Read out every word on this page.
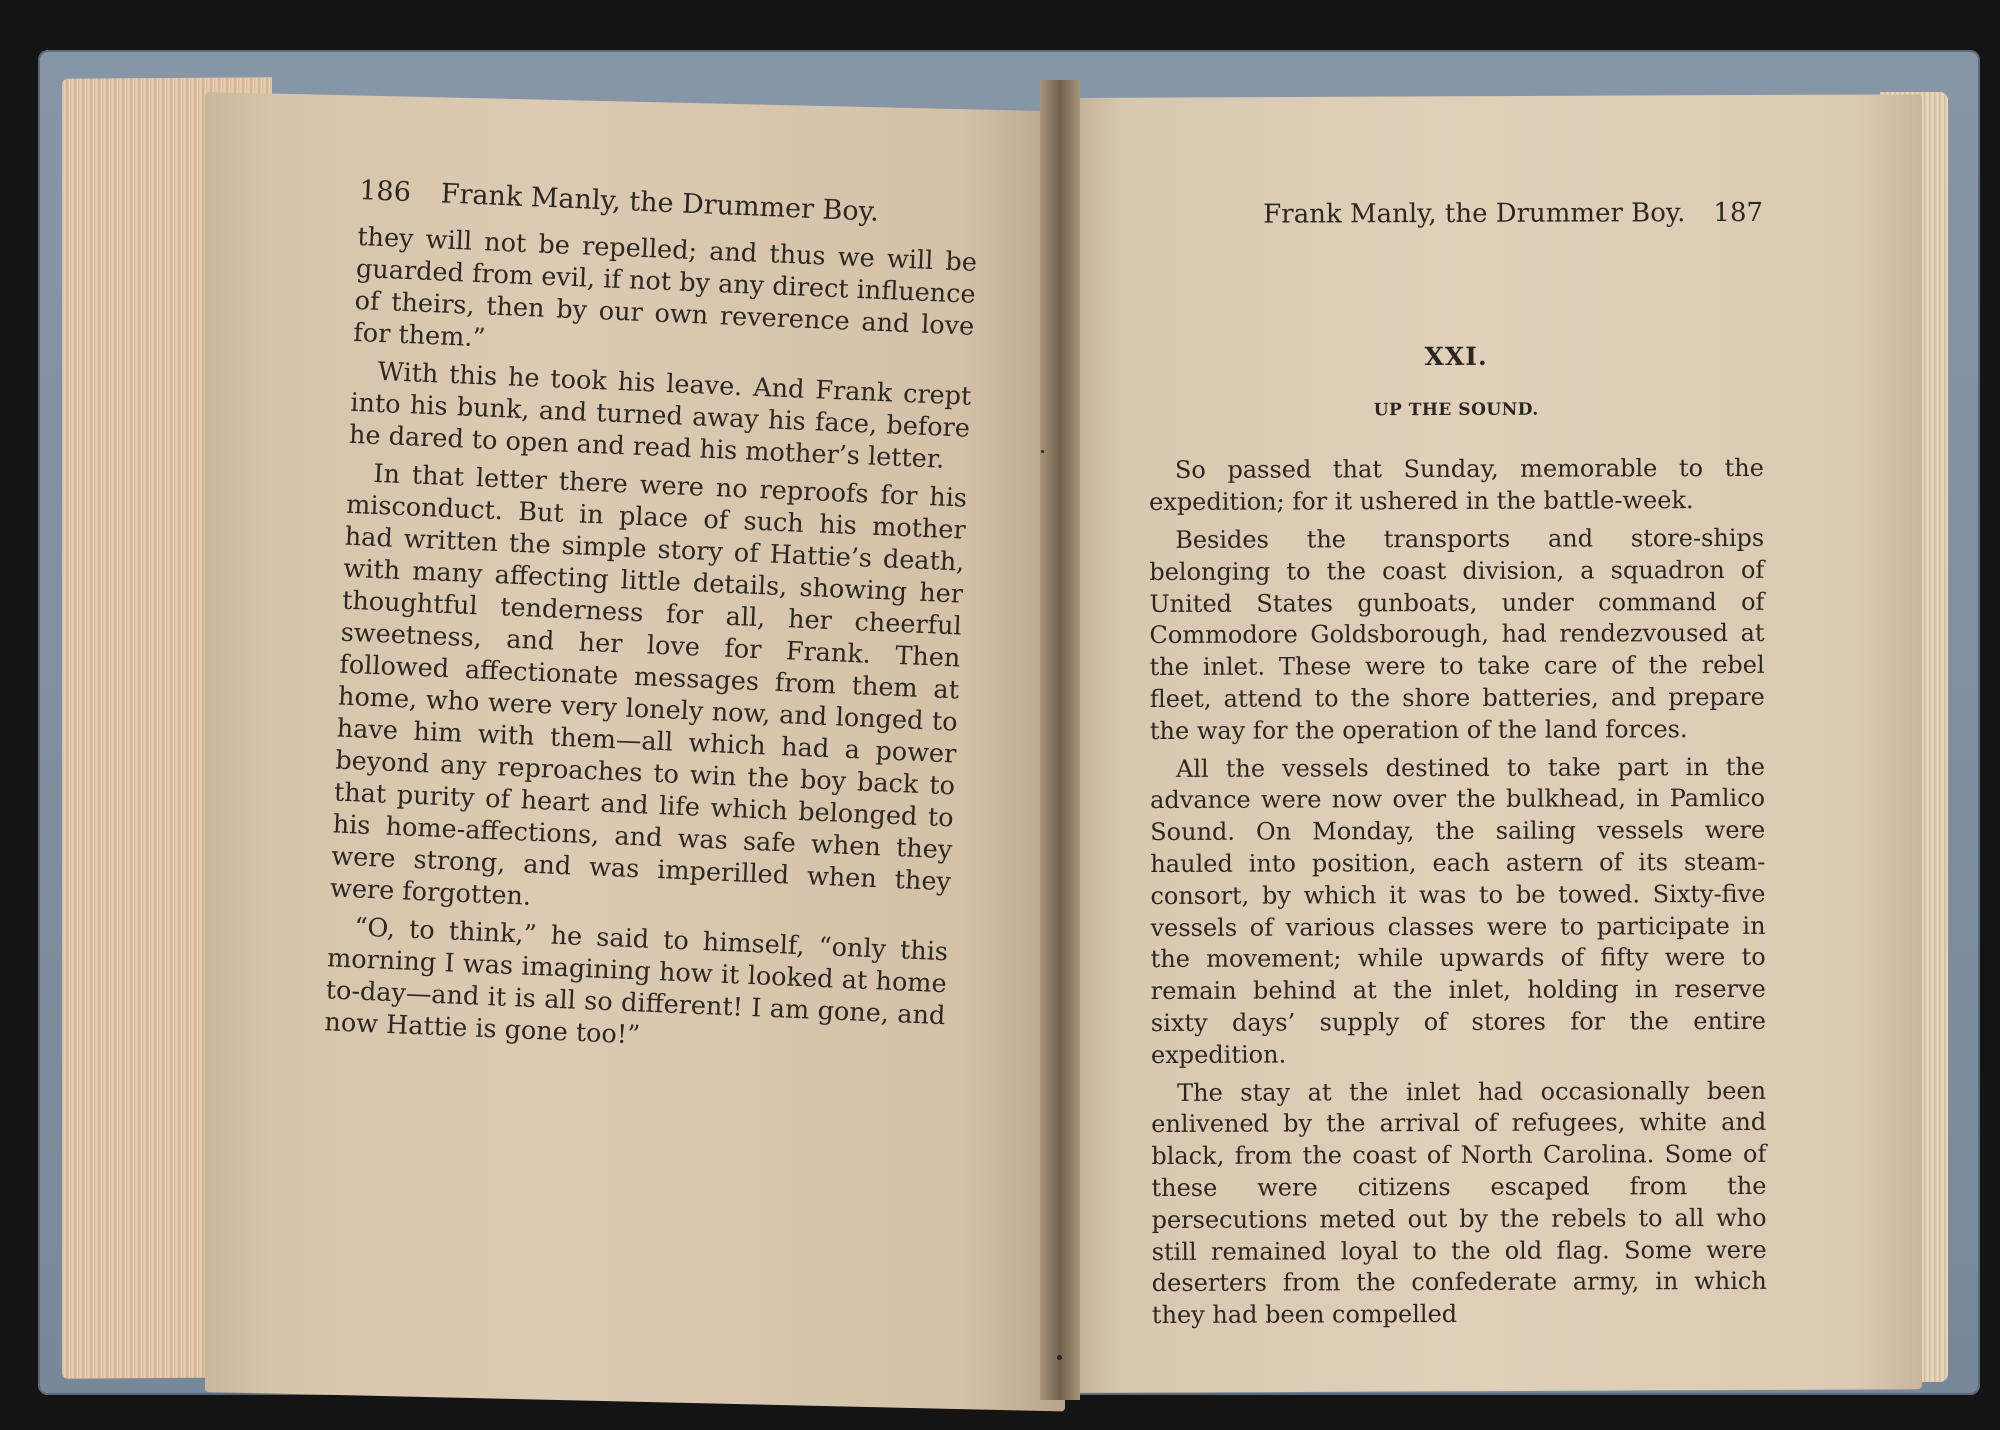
186 Frank Manly, the Drummer Boy.

they will not be repelled; and thus we will be guarded from evil, if not by any direct influence of theirs, then by our own reverence and love for them.”

With this he took his leave. And Frank crept into his bunk, and turned away his face, before he dared to open and read his mother’s letter.

In that letter there were no reproofs for his misconduct. But in place of such his mother had written the simple story of Hattie’s death, with many affecting little details, showing her thoughtful tenderness for all, her cheerful sweetness, and her love for Frank. Then followed affectionate messages from them at home, who were very lonely now, and longed to have him with them—all which had a power beyond any reproaches to win the boy back to that purity of heart and life which belonged to his home-affections, and was safe when they were strong, and was imperilled when they were forgotten.

“O, to think,” he said to himself, “only this morning I was imagining how it looked at home to-day—and it is all so different! I am gone, and now Hattie is gone too!”

Frank Manly, the Drummer Boy. 187
XXI.
UP THE SOUND.

So passed that Sunday, memorable to the expedition; for it ushered in the battle-week.

Besides the transports and store-ships belonging to the coast division, a squadron of United States gunboats, under command of Commodore Goldsborough, had rendezvoused at the inlet. These were to take care of the rebel fleet, attend to the shore batteries, and prepare the way for the operation of the land forces.

All the vessels destined to take part in the advance were now over the bulkhead, in Pamlico Sound. On Monday, the sailing vessels were hauled into position, each astern of its steam-consort, by which it was to be towed. Sixty-five vessels of various classes were to participate in the movement; while upwards of fifty were to remain behind at the inlet, holding in reserve sixty days’ supply of stores for the entire expedition.

The stay at the inlet had occasionally been enlivened by the arrival of refugees, white and black, from the coast of North Carolina. Some of these were citizens escaped from the persecutions meted out by the rebels to all who still remained loyal to the old flag. Some were deserters from the confederate army, in which they had been compelled
